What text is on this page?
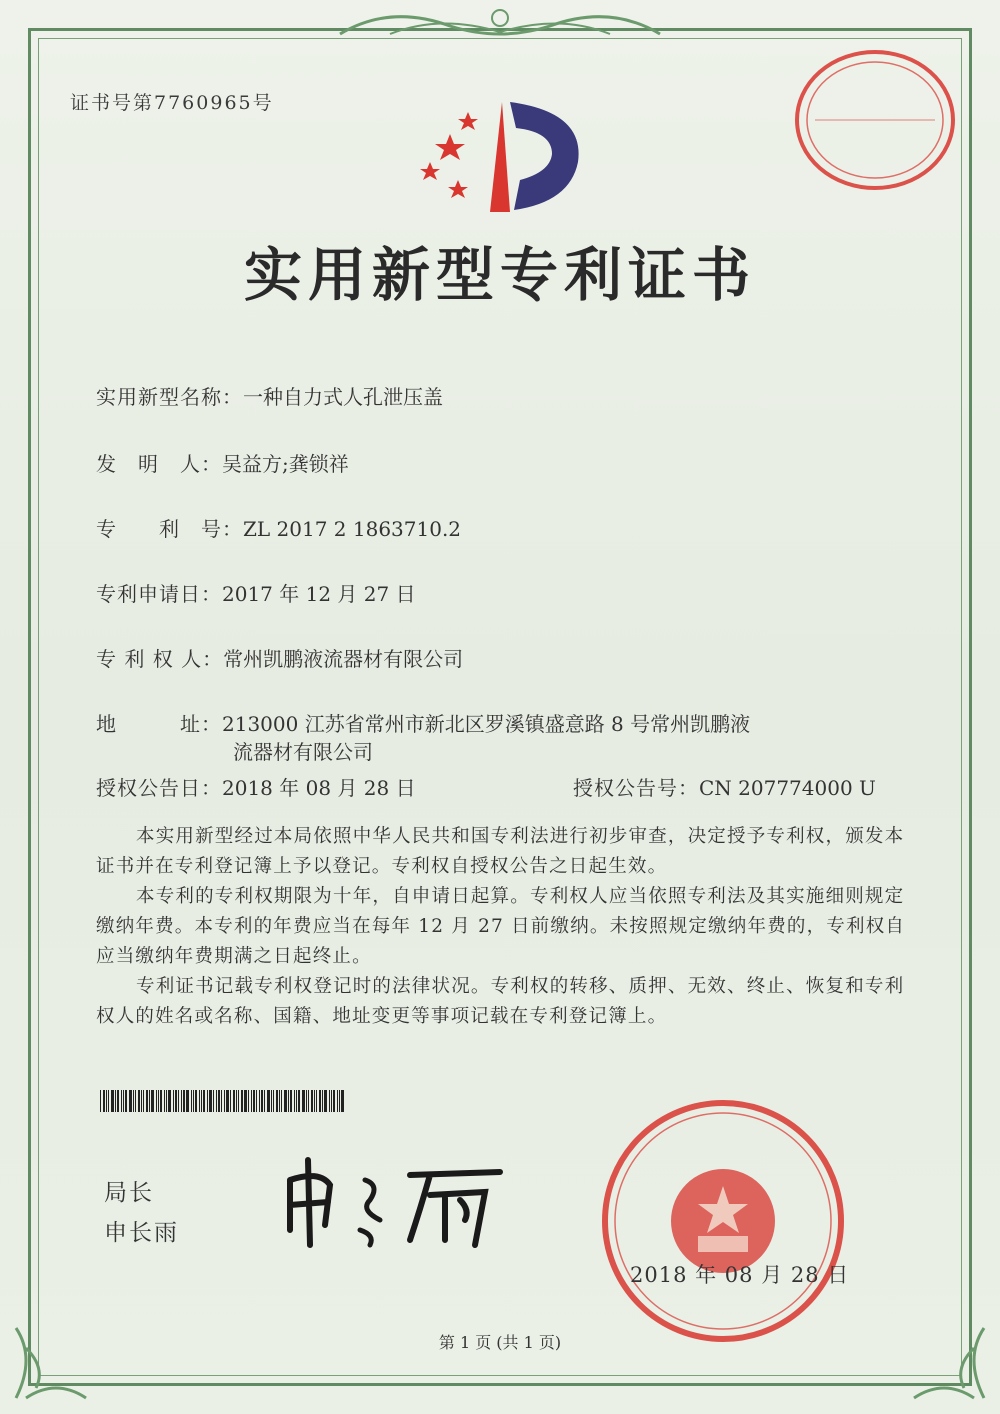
证书号第7760965号
实用新型专利证书
实用新型名称：一种自力式人孔泄压盖
发　明　人：吴益方;龚锁祥
专　　利　号：ZL 2017 2 1863710.2
专利申请日：2017 年 12 月 27 日
专 利 权 人：常州凯鹏液流器材有限公司
地　　　址：213000 江苏省常州市新北区罗溪镇盛意路 8 号常州凯鹏液
流器材有限公司
授权公告日：2018 年 08 月 28 日	授权公告号：CN 207774000 U
本实用新型经过本局依照中华人民共和国专利法进行初步审查，决定授予专利权，颁发本证书并在专利登记簿上予以登记。专利权自授权公告之日起生效。
本专利的专利权期限为十年，自申请日起算。专利权人应当依照专利法及其实施细则规定缴纳年费。本专利的年费应当在每年 12 月 27 日前缴纳。未按照规定缴纳年费的，专利权自应当缴纳年费期满之日起终止。
专利证书记载专利权登记时的法律状况。专利权的转移、质押、无效、终止、恢复和专利权人的姓名或名称、国籍、地址变更等事项记载在专利登记簿上。
局长
申长雨
2018 年 08 月 28 日
第 1 页 (共 1 页)
